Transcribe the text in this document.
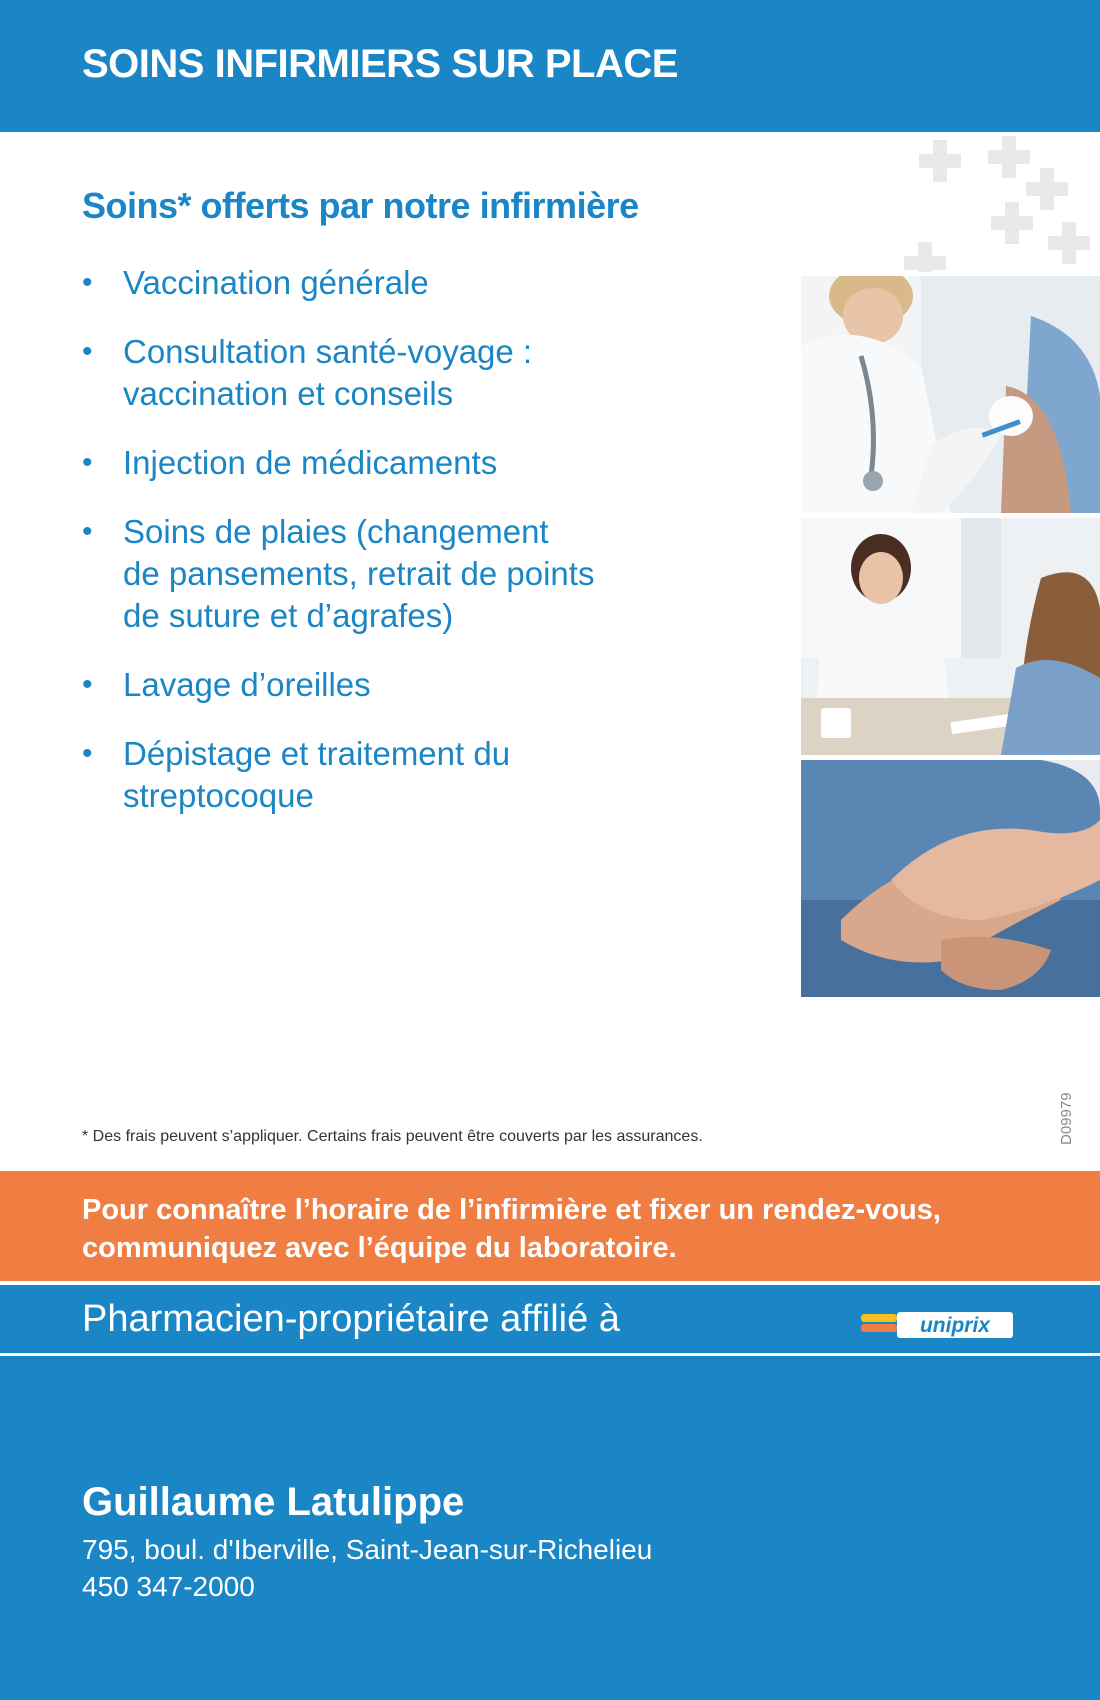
SOINS INFIRMIERS SUR PLACE
Soins* offerts par notre infirmière
• Vaccination générale
• Consultation santé-voyage :
vaccination et conseils
• Injection de médicaments
• Soins de plaies (changement
de pansements, retrait de points
de suture et d’agrafes)
• Lavage d’oreilles
• Dépistage et traitement du
streptocoque
D09979
* Des frais peuvent s’appliquer. Certains frais peuvent être couverts par les assurances.
Pour connaître l’horaire de l’infirmière et fixer un rendez-vous,
communiquez avec l’équipe du laboratoire.
Pharmacien-propriétaire affilié à	uniprix
Guillaume Latulippe
795, boul. d'Iberville, Saint-Jean-sur-Richelieu
450 347-2000
